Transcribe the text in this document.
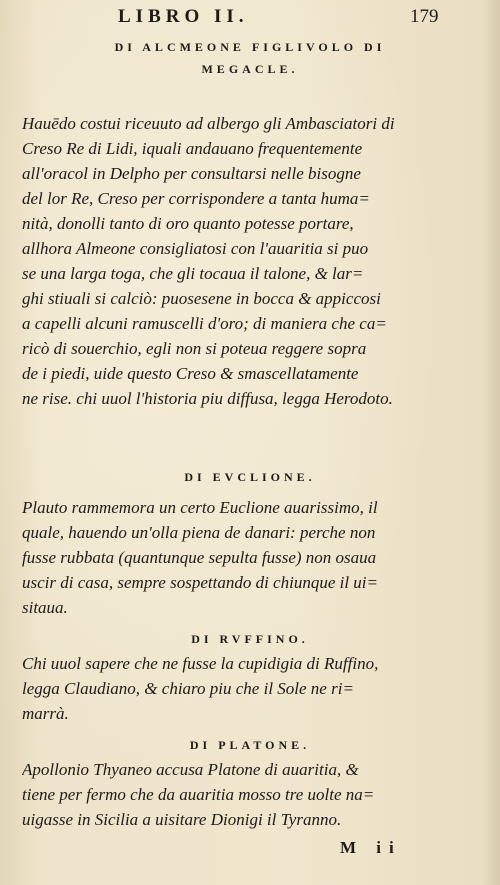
LIBRO II.	179
DI ALCMEONE FIGLIVOLO DI
MEGACLE.
Hauēdo costui riceuuto ad albergo gli Ambasciatori di
Creso Re di Lidi, iquali andauano frequentemente
all'oracol in Delpho per consultarsi nelle bisogne
del lor Re, Creso per corrispondere a tanta huma=
nità, donolli tanto di oro quanto potesse portare,
allhora Almeone consigliatosi con l'auaritia si puo
se una larga toga, che gli tocaua il talone, & lar=
ghi stiuali si calciò: puosesene in bocca & appiccosi
a capelli alcuni ramuscelli d'oro; di maniera che ca=
ricò di souerchio, egli non si poteua reggere sopra
de i piedi, uide questo Creso & smascellatamente
ne rise. chi uuol l'historia piu diffusa, legga Herodoto.
DI EVCLIONE.
Plauto rammemora un certo Euclione auarissimo, il
quale, hauendo un'olla piena de danari: perche non
fusse rubbata (quantunque sepulta fusse) non osaua
uscir di casa, sempre sospettando di chiunque il ui=
sitaua.
DI RVFFINO.
Chi uuol sapere che ne fusse la cupidigia di Ruffino,
legga Claudiano, & chiaro piu che il Sole ne ri=
marrà.
DI PLATONE.
Apollonio Thyaneo accusa Platone di auaritia, &
tiene per fermo che da auaritia mosso tre uolte na=
uigasse in Sicilia a uisitare Dionigi il Tyranno.
M ii
